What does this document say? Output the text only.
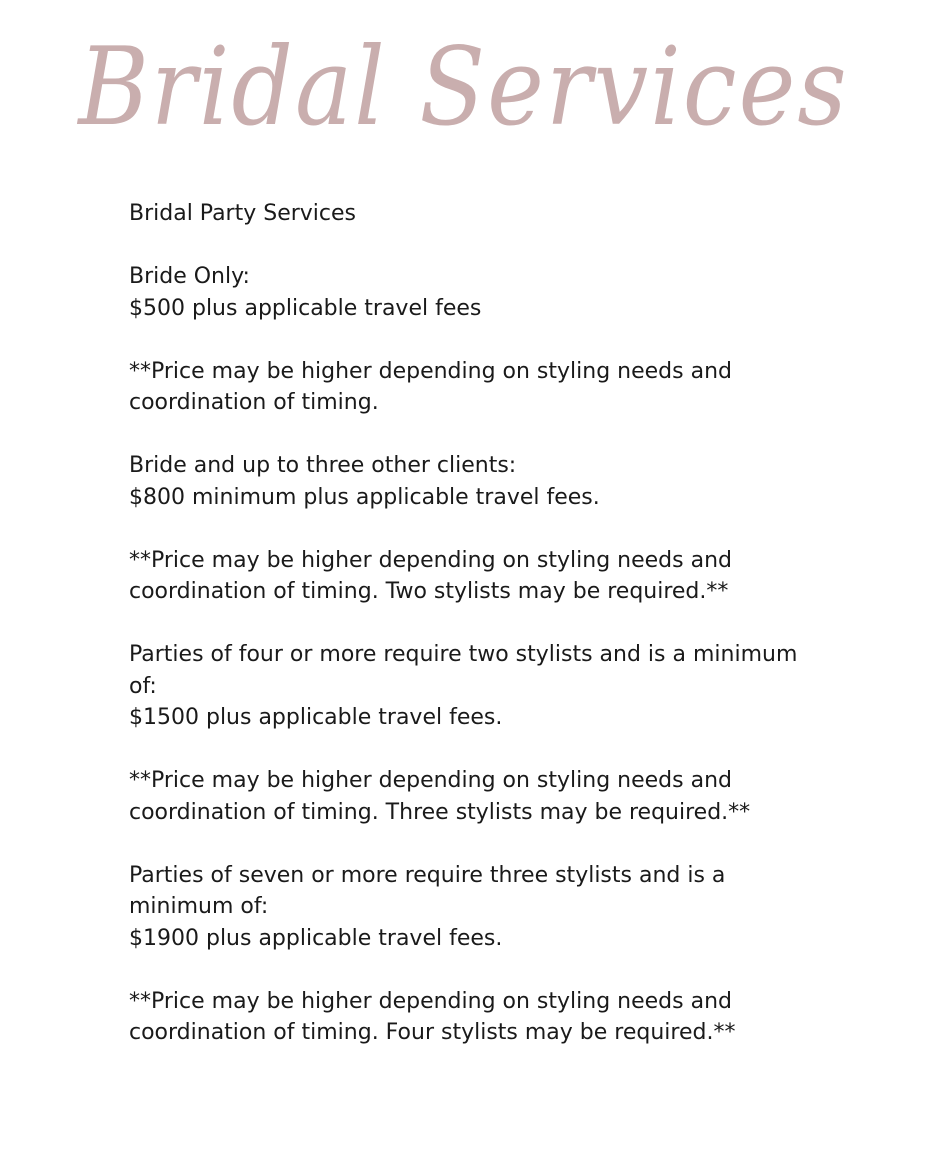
Bridal Services

Bridal Party Services

Bride Only:

$500 plus applicable travel fees

**Price may be higher depending on styling needs and

coordination of timing.

Bride and up to three other clients:

$800 minimum plus applicable travel fees.

**Price may be higher depending on styling needs and

coordination of timing. Two stylists may be required.**

Parties of four or more require two stylists and is a minimum

of:

$1500 plus applicable travel fees.

**Price may be higher depending on styling needs and

coordination of timing. Three stylists may be required.**

Parties of seven or more require three stylists and is a

minimum of:

$1900 plus applicable travel fees.

**Price may be higher depending on styling needs and

coordination of timing. Four stylists may be required.**
